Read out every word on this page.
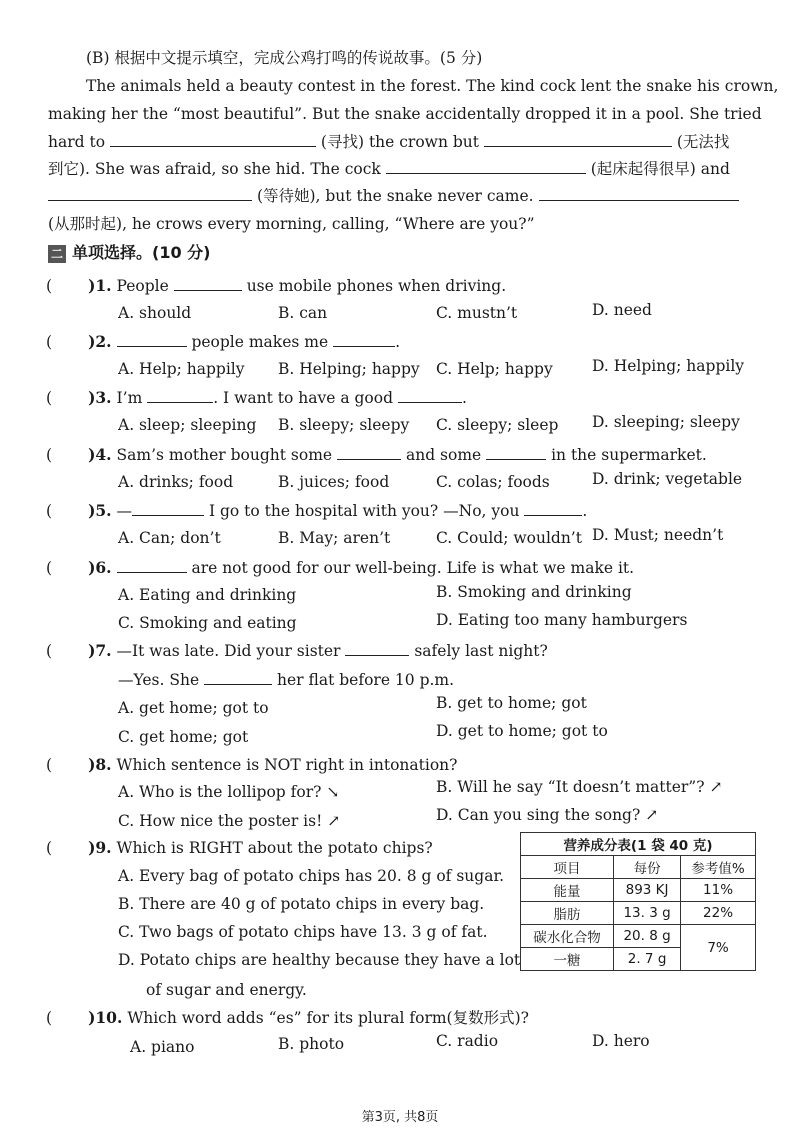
(B) 根据中文提示填空，完成公鸡打鸣的传说故事。(5 分)
The animals held a beauty contest in the forest. The kind cock lent the snake his crown,
making her the “most beautiful”. But the snake accidentally dropped it in a pool. She tried
hard to	(寻找) the crown but	(无法找
到它). She was afraid, so she hid. The cock	(起床起得很早) and
(等待她), but the snake never came.
(从那时起), he crows every morning, calling, “Where are you?”
二 单项选择。(10 分)
( )1. People	use mobile phones when driving.
A. should	B. can	C. mustn’t	D. need
( )2.	people makes me	.
A. Help; happily B. Helping; happy C. Help; happy	D. Helping; happily
( )3. I’m	. I want to have a good	.
A. sleep; sleeping B. sleepy; sleepy C. sleepy; sleep D. sleeping; sleepy
( )4. Sam’s mother bought some	and some	in the supermarket.
A. drinks; food	B. juices; food	C. colas; foods	D. drink; vegetable
( )5. —	I go to the hospital with you? —No, you	.
A. Can; don’t	B. May; aren’t	C. Could; wouldn’t D. Must; needn’t
( )6.	are not good for our well-being. Life is what we make it.
A. Eating and drinking	B. Smoking and drinking
C. Smoking and eating	D. Eating too many hamburgers
( )7. —It was late. Did your sister	safely last night?
—Yes. She	her flat before 10 p.m.
A. get home; got to	B. get to home; got
C. get home; got	D. get to home; got to
( )8. Which sentence is NOT right in intonation?
A. Who is the lollipop for? ↘	B. Will he say “It doesn’t matter”? ↗
C. How nice the poster is! ↗	D. Can you sing the song? ↗
( )9. Which is RIGHT about the potato chips?
A. Every bag of potato chips has 20. 8 g of sugar.
B. There are 40 g of potato chips in every bag.
C. Two bags of potato chips have 13. 3 g of fat.
D. Potato chips are healthy because they have a lot
of sugar and energy.
营养成分表(1 袋 40 克)		
项目	每份	参考值%
能量	893 KJ	11%
脂肪	13. 3 g	22%
碳水化合物	20. 8 g	7%
一糖	2. 7 g	
( )10. Which word adds “es” for its plural form(复数形式)?
A. piano	B. photo	C. radio	D. hero
第3页, 共8页
